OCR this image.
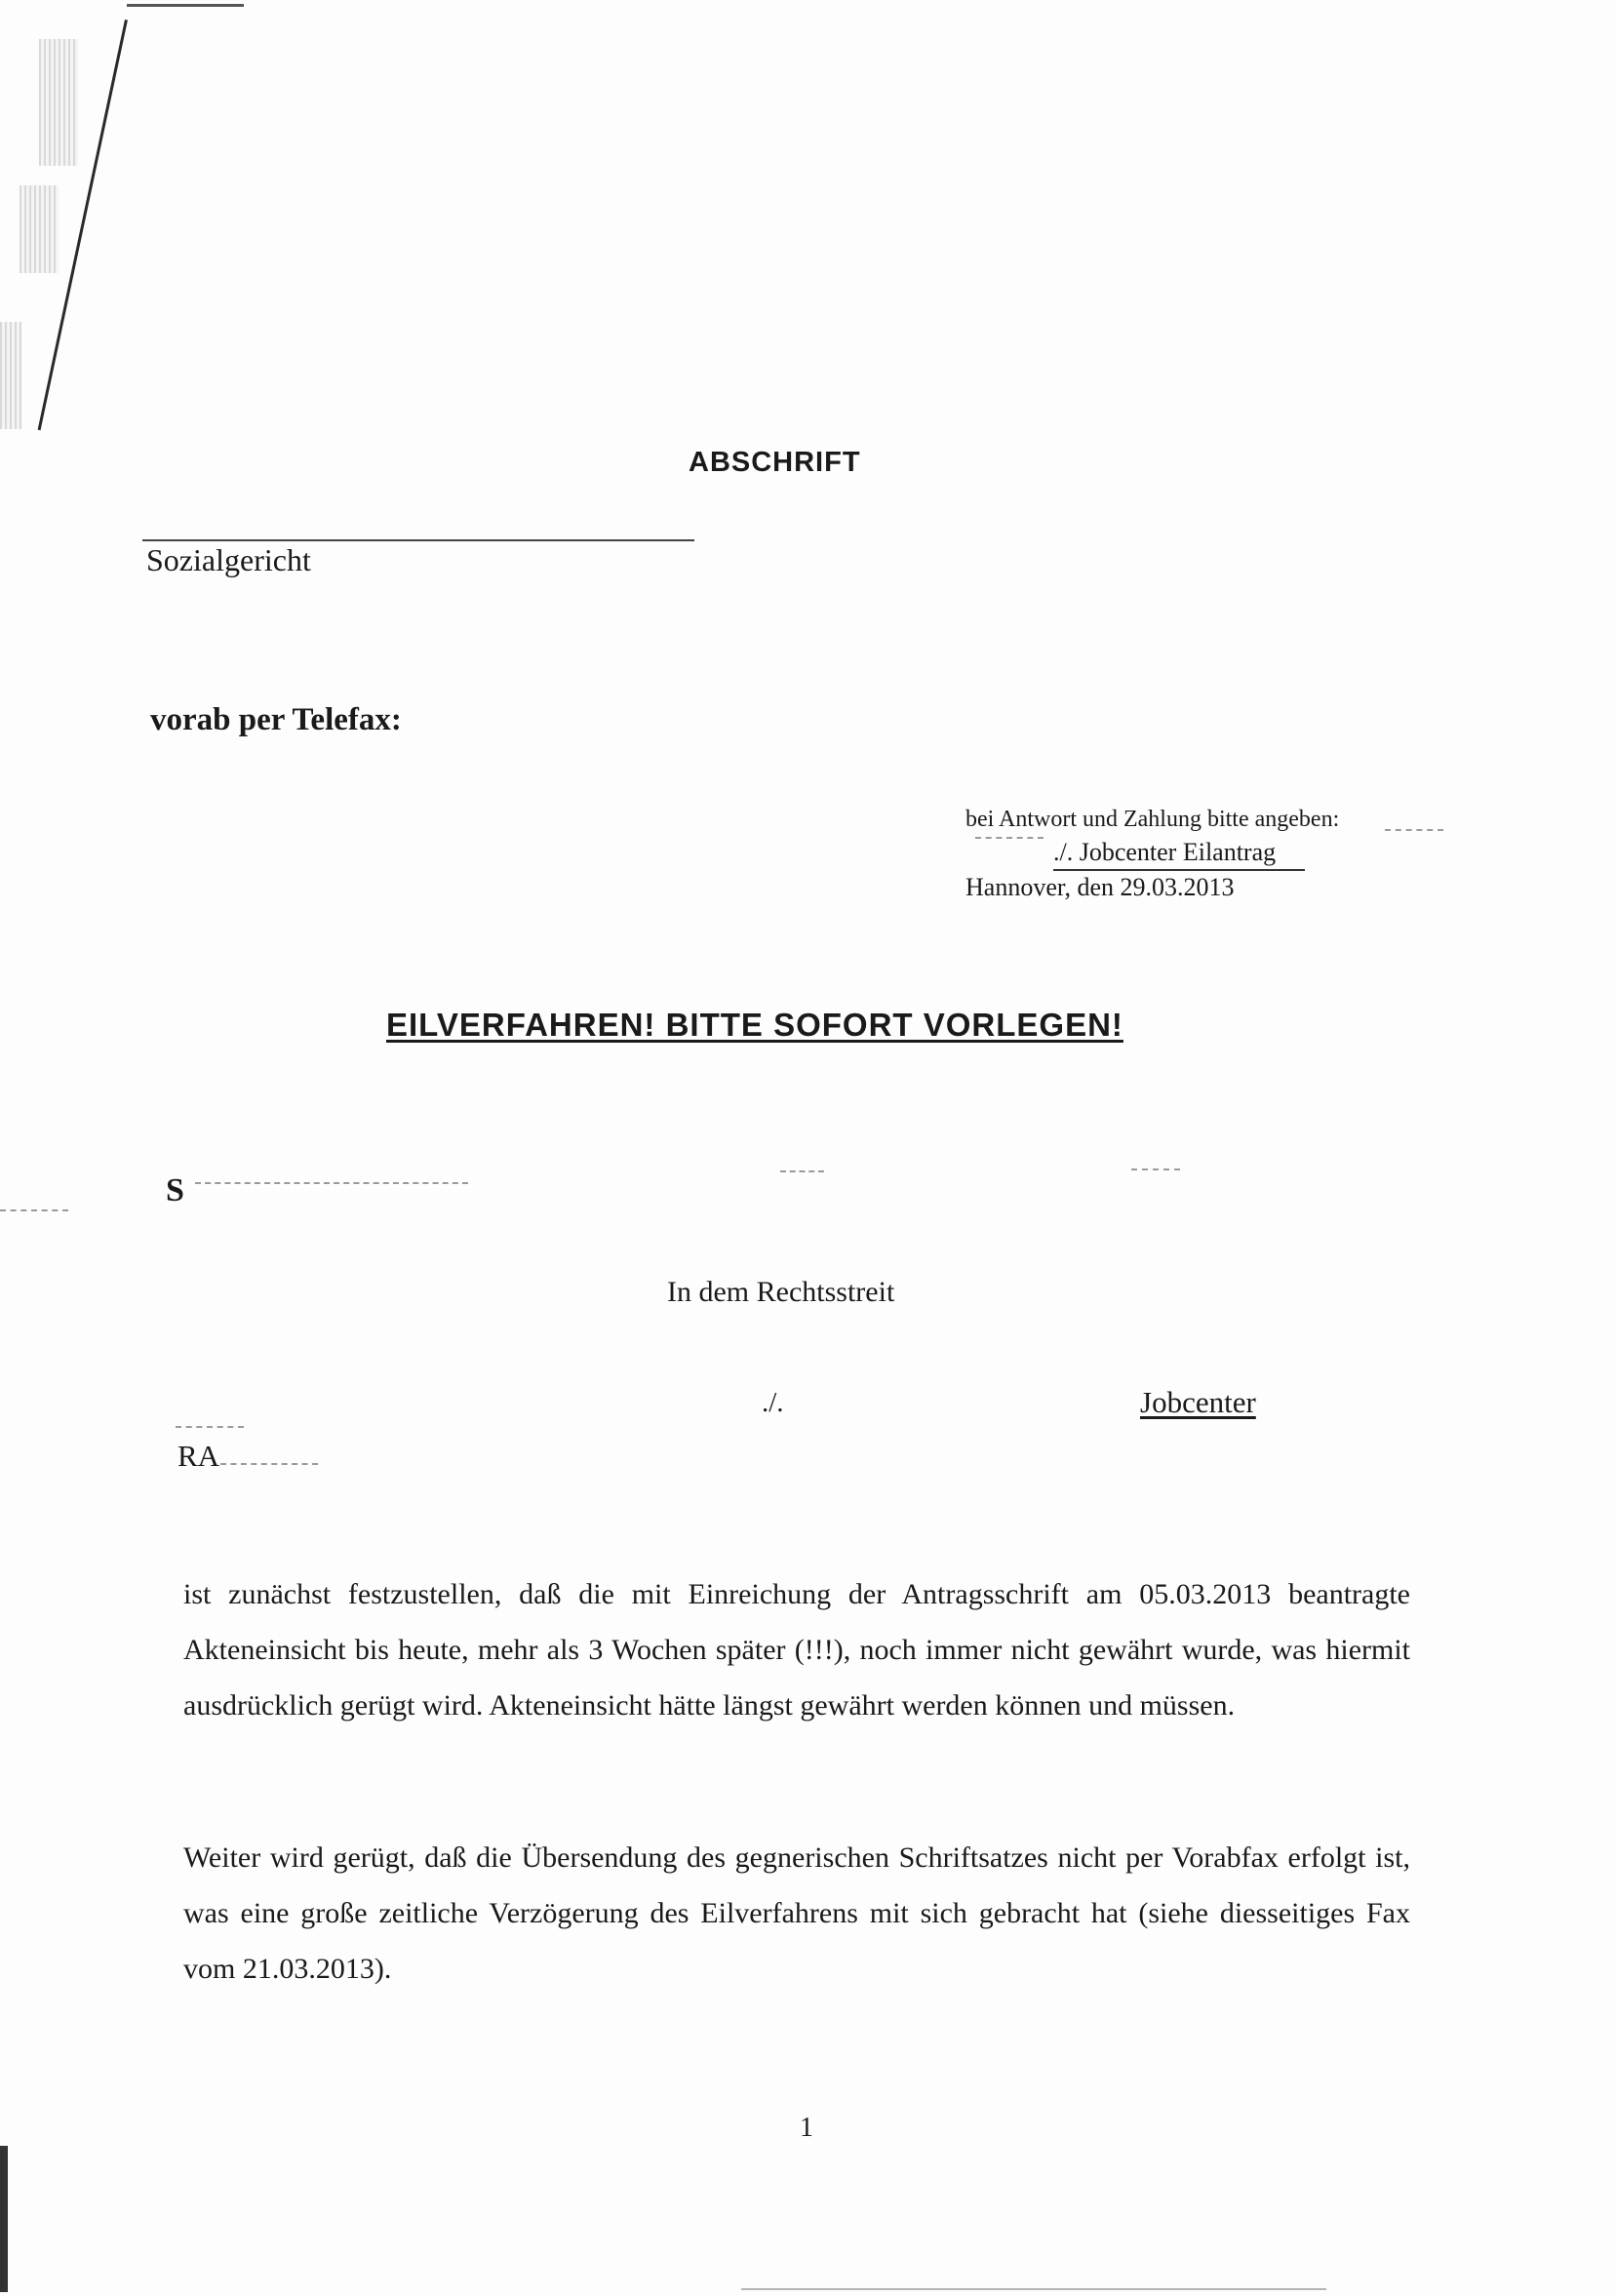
ABSCHRIFT
Sozialgericht
vorab per Telefax:
bei Antwort und Zahlung bitte angeben:
./. Jobcenter Eilantrag
Hannover, den 29.03.2013
EILVERFAHREN! BITTE SOFORT VORLEGEN!
S
In dem Rechtsstreit
./.	Jobcenter
RA
ist zunächst festzustellen, daß die mit Einreichung der Antragsschrift am 05.03.2013 beantragte Akteneinsicht bis heute, mehr als 3 Wochen später (!!!), noch immer nicht gewährt wurde, was hiermit ausdrücklich gerügt wird. Akteneinsicht hätte längst gewährt werden können und müssen.
Weiter wird gerügt, daß die Übersendung des gegnerischen Schriftsatzes nicht per Vorabfax erfolgt ist, was eine große zeitliche Verzögerung des Eilverfahrens mit sich gebracht hat (siehe diesseitiges Fax vom 21.03.2013).
1
